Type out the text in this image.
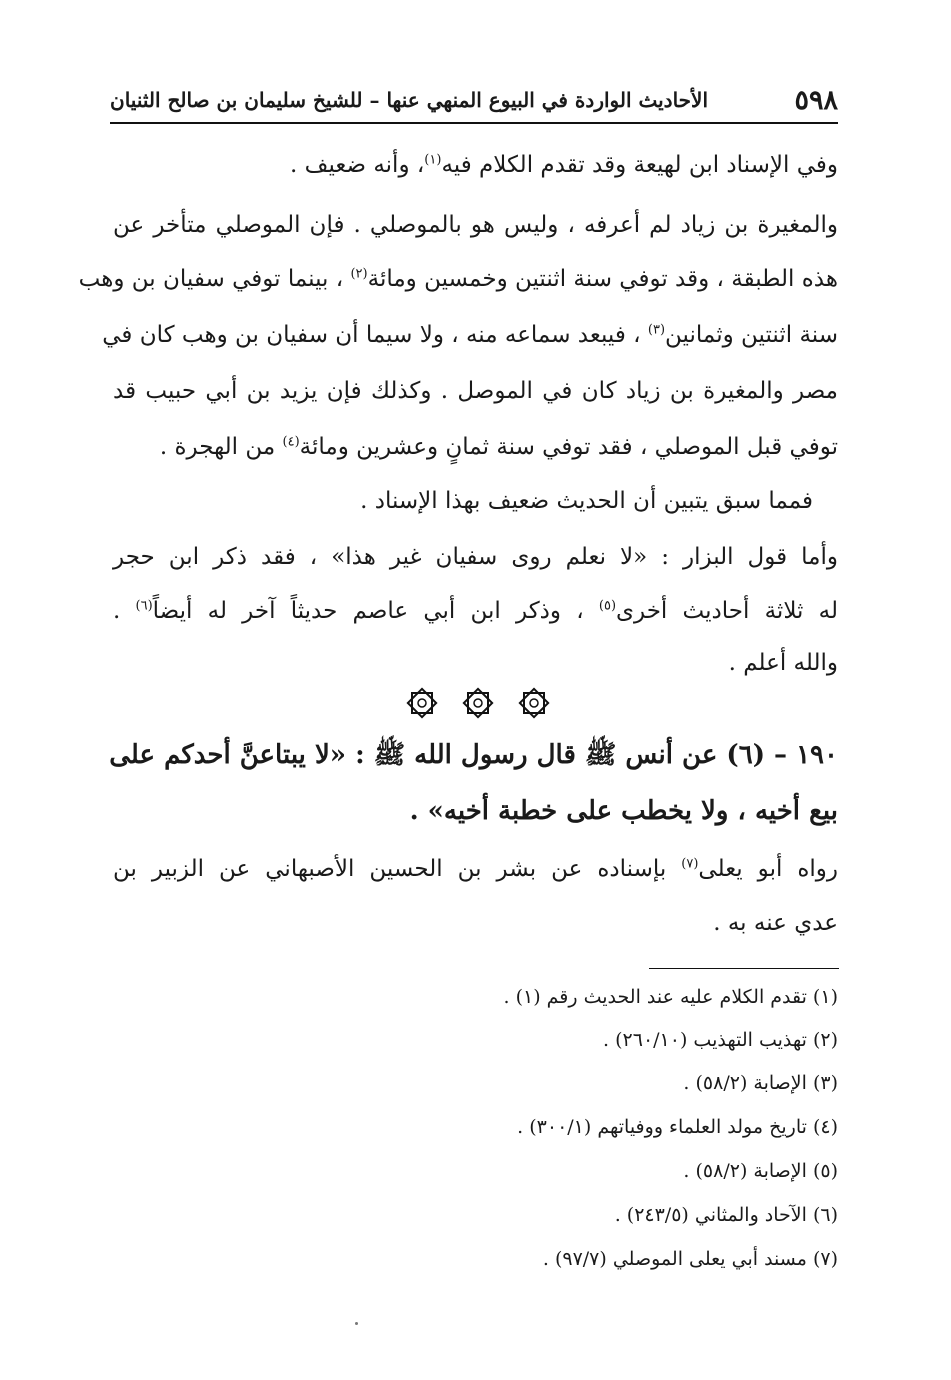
٥٩٨
الأحاديث الواردة في البيوع المنهي عنها – للشيخ سليمان بن صالح الثنيان
وفي الإسناد ابن لهيعة وقد تقدم الكلام فيه$^{(١)}$، وأنه ضعيف .
والمغيرة بن زياد لم أعرفه ، وليس هو بالموصلي . فإن الموصلي متأخر عن
هذه الطبقة ، وقد توفي سنة اثنتين وخمسين ومائة$^{(٢)}$ ، بينما توفي سفيان بن وهب
سنة اثنتين وثمانين$^{(٣)}$ ، فيبعد سماعه منه ، ولا سيما أن سفيان بن وهب كان في
مصر والمغيرة بن زياد كان في الموصل . وكذلك فإن يزيد بن أبي حبيب قد
توفي قبل الموصلي ، فقد توفي سنة ثمانٍ وعشرين ومائة$^{(٤)}$ من الهجرة .
فمما سبق يتبين أن الحديث ضعيف بهذا الإسناد .
وأما قول البزار : «لا نعلم روى سفيان غير هذا» ، فقد ذكر ابن حجر
له ثلاثة أحاديث أخرى$^{(٥)}$ ، وذكر ابن أبي عاصم حديثاً آخر له أيضاً$^{(٦)}$ .
والله أعلم .
١٩٠ – (٦) عن أنس ﷺ قال رسول الله ﷺ : «لا يبتاعنَّ أحدكم على
بيع أخيه ، ولا يخطب على خطبة أخيه» .
رواه أبو يعلى$^{(٧)}$ بإسناده عن بشر بن الحسين الأصبهاني عن الزبير بن
عدي عنه به .
(١) تقدم الكلام عليه عند الحديث رقم (١) .
(٢) تهذيب التهذيب (٢٦٠/١٠) .
(٣) الإصابة (٥٨/٢) .
(٤) تاريخ مولد العلماء ووفياتهم (٣٠٠/١) .
(٥) الإصابة (٥٨/٢) .
(٦) الآحاد والمثاني (٢٤٣/٥) .
(٧) مسند أبي يعلى الموصلي (٩٧/٧) .
